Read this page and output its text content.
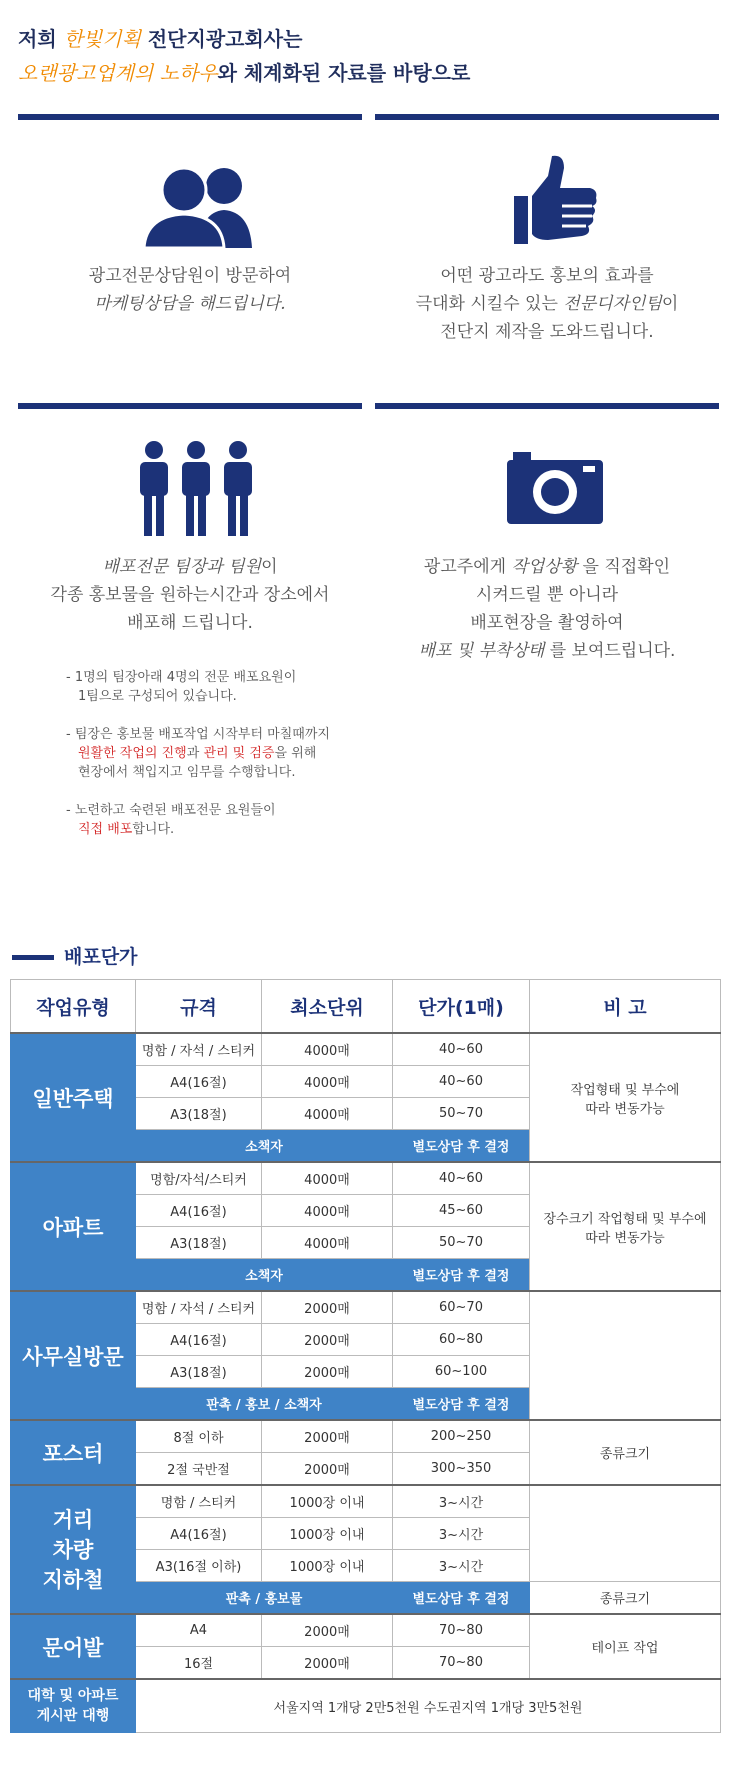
저희 한빛기획 전단지광고회사는
오랜광고업계의 노하우와 체계화된 자료를 바탕으로
광고전문상담원이 방문하여
마케팅상담을 해드립니다.
어떤 광고라도 홍보의 효과를
극대화 시킬수 있는 전문디자인팀이
전단지 제작을 도와드립니다.
배포전문 팀장과 팀원이
각종 홍보물을 원하는시간과 장소에서
배포해 드립니다.
광고주에게 작업상황 을 직접확인
시켜드릴 뿐 아니라
배포현장을 촬영하여
배포 및 부착상태 를 보여드립니다.

- 1명의 팀장아래 4명의 전문 배포요원이
1팀으로 구성되어 있습니다.

- 팀장은 홍보물 배포작업 시작부터 마칠때까지
원활한 작업의 진행과 관리 및 검증을 위해
현장에서 책입지고 임무를 수행합니다.

- 노련하고 숙련된 배포전문 요원들이
직접 배포합니다.

배포단가
작업유형	규격	최소단위	단가(1매)	비 고
일반주택	명함 / 자석 / 스티커	4000매	40~60	작업형태 및 부수에
따라 변동가능
	A4(16절)	4000매	40~60	
	A3(18절)	4000매	50~70	
	소책자		별도상담 후 결정	
아파트	명함/자석/스티커	4000매	40~60	장수크기 작업형태 및 부수에
따라 변동가능
	A4(16절)	4000매	45~60	
	A3(18절)	4000매	50~70	
	소책자		별도상담 후 결정	
사무실방문	명함 / 자석 / 스티커	2000매	60~70	
	A4(16절)	2000매	60~80	
	A3(18절)	2000매	60~100	
	판촉 / 홍보 / 소책자		별도상담 후 결정	
포스터	8절 이하	2000매	200~250	종류크기
	2절 국반절	2000매	300~350	
거리
차량
지하철	명함 / 스티커	1000장 이내	3~시간	
	A4(16절)	1000장 이내	3~시간	
	A3(16절 이하)	1000장 이내	3~시간	
	판촉 / 홍보물		별도상담 후 결정	종류크기
문어발	A4	2000매	70~80	테이프 작업
	16절	2000매	70~80	
대학 및 아파트
게시판 대행	서울지역 1개당 2만5천원 수도권지역 1개당 3만5천원			
